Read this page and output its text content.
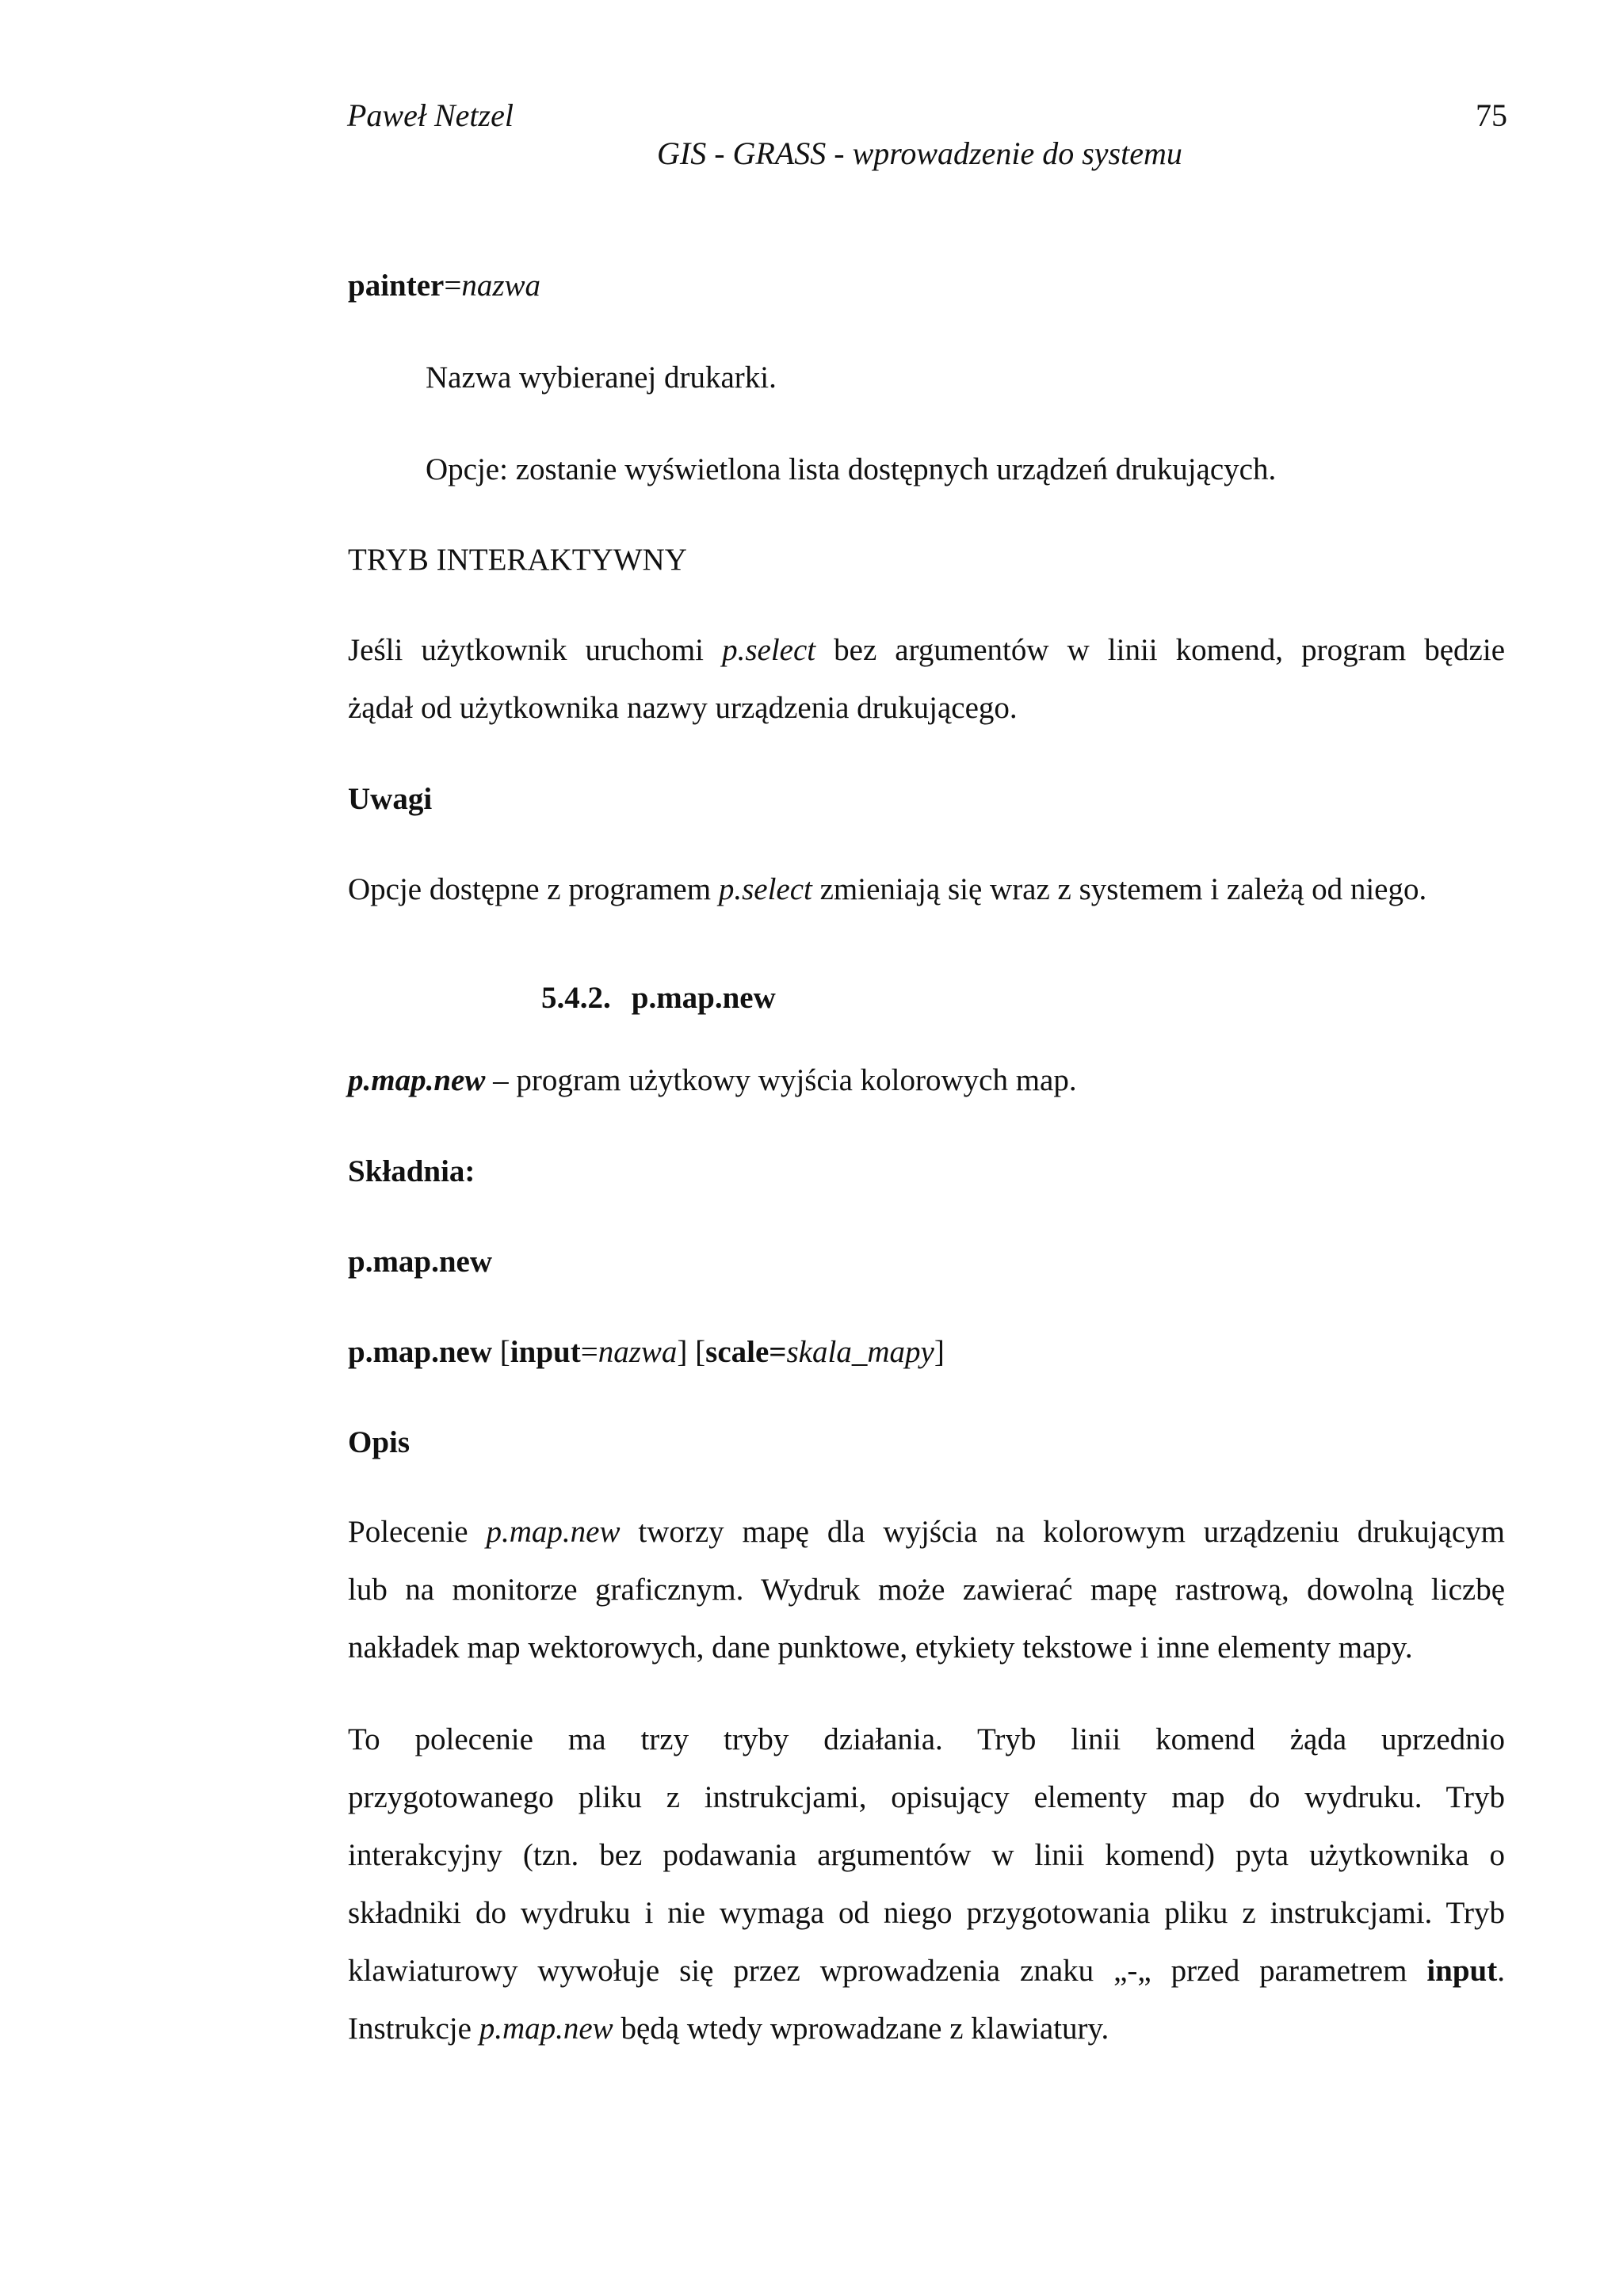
Paweł Netzel	75
GIS - GRASS - wprowadzenie do systemu
painter=nazwa
Nazwa wybieranej drukarki.
Opcje: zostanie wyświetlona lista dostępnych urządzeń drukujących.
TRYB INTERAKTYWNY
Jeśli użytkownik uruchomi p.select bez argumentów w linii komend, program będzie
żądał od użytkownika nazwy urządzenia drukującego.
Uwagi
Opcje dostępne z programem p.select zmieniają się wraz z systemem i zależą od niego.
5.4.2. p.map.new
p.map.new – program użytkowy wyjścia kolorowych map.
Składnia:
p.map.new
p.map.new [input=nazwa] [scale=skala_mapy]
Opis
Polecenie p.map.new tworzy mapę dla wyjścia na kolorowym urządzeniu drukującym
lub na monitorze graficznym. Wydruk może zawierać mapę rastrową, dowolną liczbę
nakładek map wektorowych, dane punktowe, etykiety tekstowe i inne elementy mapy.
To polecenie ma trzy tryby działania. Tryb linii komend żąda uprzednio
przygotowanego pliku z instrukcjami, opisujący elementy map do wydruku. Tryb
interakcyjny (tzn. bez podawania argumentów w linii komend) pyta użytkownika o
składniki do wydruku i nie wymaga od niego przygotowania pliku z instrukcjami. Tryb
klawiaturowy wywołuje się przez wprowadzenia znaku „-„ przed parametrem input.
Instrukcje p.map.new będą wtedy wprowadzane z klawiatury.
